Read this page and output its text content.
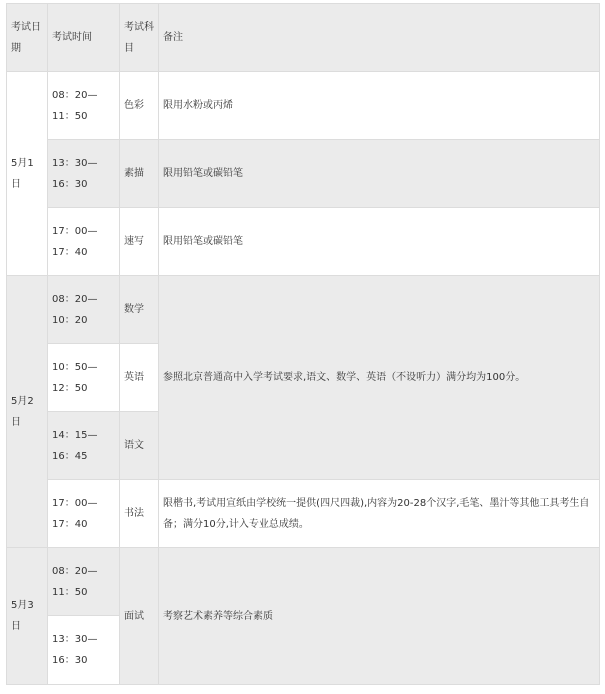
考试日期	考试时间	考试科目	备注
5月1日	08：20—11：50	色彩	限用水粉或丙烯
	13：30—16：30	素描	限用铅笔或碳铅笔
	17：00—17：40	速写	限用铅笔或碳铅笔
5月2日	08：20—10：20	数学	参照北京普通高中入学考试要求,语文、数学、英语（不设听力）满分均为100分。
	10：50—12：50	英语	
	14：15—16：45	语文	
	17：00—17：40	书法	限楷书,考试用宣纸由学校统一提供(四尺四裁),内容为20-28个汉字,毛笔、墨汁等其他工具考生自备；满分10分,计入专业总成绩。
5月3日	08：20—11：50	面试	考察艺术素养等综合素质
	13：30—16：30		
